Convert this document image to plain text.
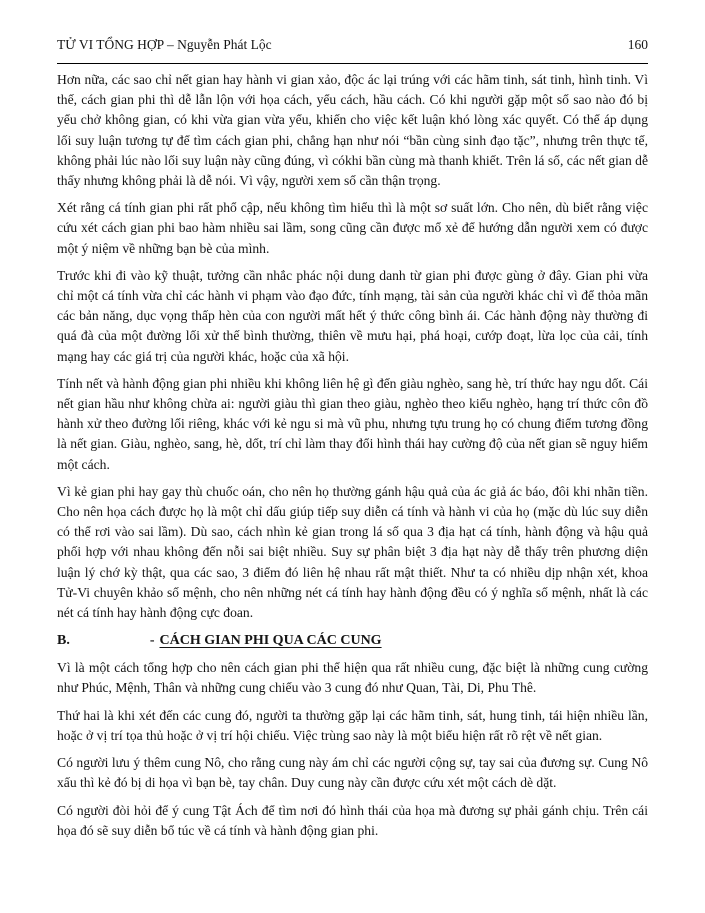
TỬ VI TỔNG HỢP – Nguyễn Phát Lộc	160

Hơn nữa, các sao chỉ nết gian hay hành vi gian xảo, độc ác lại trúng với các hãm tinh, sát tinh, hình tinh. Vì thế, cách gian phi thì dễ lẫn lộn với họa cách, yểu cách, hầu cách. Có khi người gặp một số sao nào đó bị yểu chở không gian, có khi vừa gian vừa yểu, khiến cho việc kết luận khó lòng xác quyết. Có thể áp dụng lối suy luận tương tự để tìm cách gian phi, chẳng hạn như nói “bần cùng sinh đạo tặc”, nhưng trên thực tế, không phải lúc nào lối suy luận này cũng đúng, vì cókhi bần cùng mà thanh khiết. Trên lá số, các nết gian dễ thấy nhưng không phải là dễ nói. Vì vậy, người xem số cần thận trọng.

Xét rằng cá tính gian phi rất phổ cập, nếu không tìm hiểu thì là một sơ suất lớn. Cho nên, dù biết rằng việc cứu xét cách gian phi bao hàm nhiều sai lầm, song cũng cần được mổ xẻ để hướng dẫn người xem có được một ý niệm về những bạn bè của mình.

Trước khi đi vào kỹ thuật, tưởng cần nhắc phác nội dung danh từ gian phi được gùng ở đây. Gian phi vừa chỉ một cá tính vừa chỉ các hành vi phạm vào đạo đức, tính mạng, tài sản của người khác chỉ vì để thỏa mãn các bản năng, dục vọng thấp hèn của con người mất hết ý thức công bình ái. Các hành động này thường đi quá đà của một đường lối xử thế bình thường, thiên về mưu hại, phá hoại, cướp đoạt, lừa lọc của cải, tính mạng hay các giá trị của người khác, hoặc của xã hội.

Tính nết và hành động gian phi nhiều khi không liên hệ gì đến giàu nghèo, sang hè, trí thức hay ngu dốt. Cái nết gian hầu như không chừa ai: người giàu thì gian theo giàu, nghèo theo kiểu nghèo, hạng trí thức côn đồ hành xử theo đường lối riêng, khác với kẻ ngu si mà vũ phu, nhưng tựu trung họ có chung điểm tương đồng là nết gian. Giàu, nghèo, sang, hè, dốt, trí chỉ làm thay đổi hình thái hay cường độ của nết gian sẽ nguy hiểm một cách.

Vì kẻ gian phi hay gay thù chuốc oán, cho nên họ thường gánh hậu quả của ác giả ác báo, đôi khi nhãn tiền. Cho nên họa cách được họ là một chỉ dấu giúp tiếp suy diễn cá tính và hành vi của họ (mặc dù lúc suy diễn có thể rơi vào sai lầm). Dù sao, cách nhìn kẻ gian trong lá số qua 3 địa hạt cá tính, hành động và hậu quả phối hợp với nhau không đến nỗi sai biệt nhiều. Suy sự phân biệt 3 địa hạt này dễ thấy trên phương diện luận lý chớ kỳ thật, qua các sao, 3 điểm đó liên hệ nhau rất mật thiết. Như ta có nhiều dịp nhận xét, khoa Tử-Vi chuyên khảo số mệnh, cho nên những nét cá tính hay hành động đều có ý nghĩa số mệnh, nhất là các nét cá tính hay hành động cực đoan.

B.	- CÁCH GIAN PHI QUA CÁC CUNG

Vì là một cách tổng hợp cho nên cách gian phi thể hiện qua rất nhiều cung, đặc biệt là những cung cường như Phúc, Mệnh, Thân và những cung chiếu vào 3 cung đó như Quan, Tài, Di, Phu Thê.

Thứ hai là khi xét đến các cung đó, người ta thường gặp lại các hãm tinh, sát, hung tinh, tái hiện nhiều lần, hoặc ở vị trí tọa thủ hoặc ở vị trí hội chiếu. Việc trùng sao này là một biểu hiện rất rõ rệt về nết gian.

Có người lưu ý thêm cung Nô, cho rằng cung này ám chỉ các người cộng sự, tay sai của đương sự. Cung Nô xấu thì kẻ đó bị di họa vì bạn bè, tay chân. Duy cung này cần được cứu xét một cách dè dặt.

Có người đòi hỏi để ý cung Tật Ách để tìm nơi đó hình thái của họa mà đương sự phải gánh chịu. Trên cái họa đó sẽ suy diễn bổ túc về cá tính và hành động gian phi.
